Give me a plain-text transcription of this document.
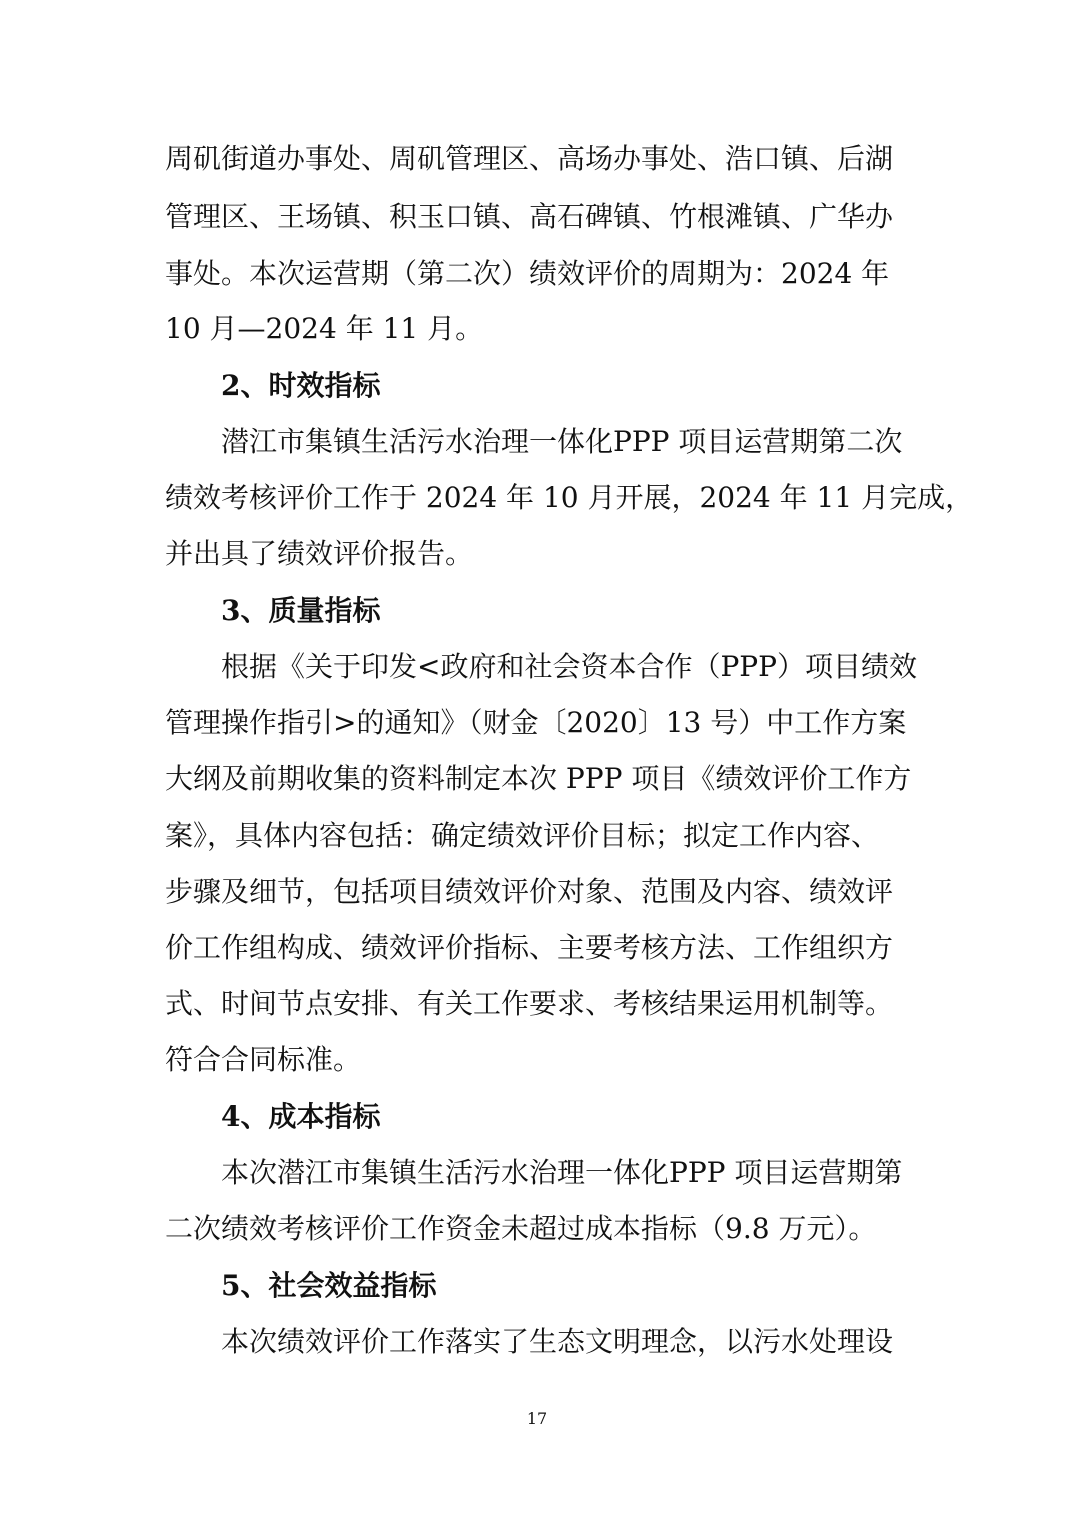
周矶街道办事处、周矶管理区、高场办事处、浩口镇、后湖
管理区、王场镇、积玉口镇、高石碑镇、竹根滩镇、广华办
事处。本次运营期（第二次）绩效评价的周期为：2024 年
10 月—2024 年 11 月。
2、时效指标
潜江市集镇生活污水治理一体化PPP 项目运营期第二次
绩效考核评价工作于 2024 年 10 月开展，2024 年 11 月完成，
并出具了绩效评价报告。
3、质量指标
根据《关于印发<政府和社会资本合作（PPP）项目绩效
管理操作指引>的通知》（财金〔2020〕13 号）中工作方案
大纲及前期收集的资料制定本次 PPP 项目《绩效评价工作方
案》，具体内容包括：确定绩效评价目标；拟定工作内容、
步骤及细节，包括项目绩效评价对象、范围及内容、绩效评
价工作组构成、绩效评价指标、主要考核方法、工作组织方
式、时间节点安排、有关工作要求、考核结果运用机制等。
符合合同标准。
4、成本指标
本次潜江市集镇生活污水治理一体化PPP 项目运营期第
二次绩效考核评价工作资金未超过成本指标（9.8 万元）。
5、社会效益指标
本次绩效评价工作落实了生态文明理念，以污水处理设
17
